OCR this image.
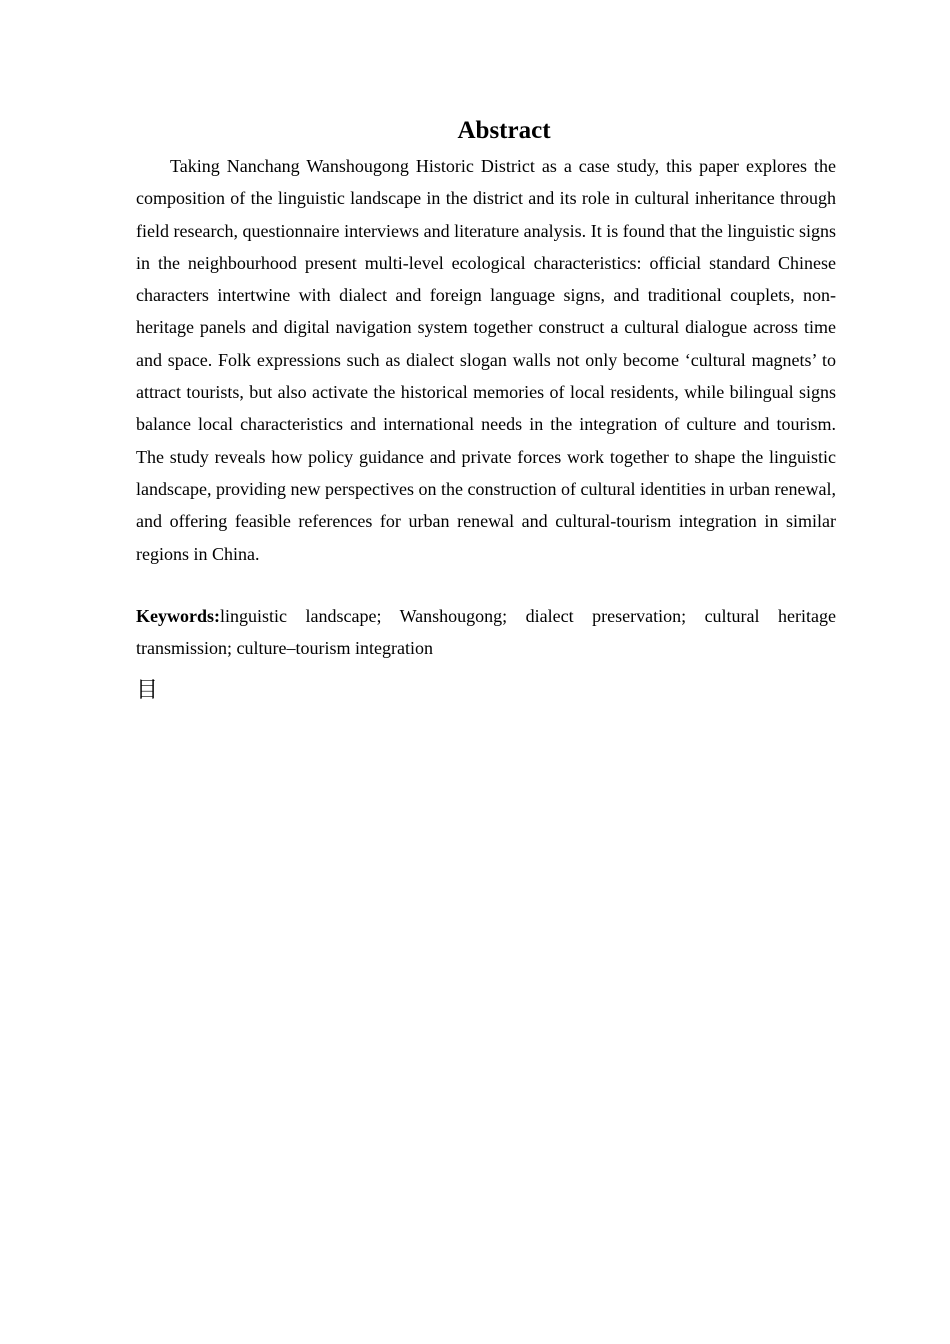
Abstract

Taking Nanchang Wanshougong Historic District as a case study, this paper explores the composition of the linguistic landscape in the district and its role in cultural inheritance through field research, questionnaire interviews and literature analysis. It is found that the linguistic signs in the neighbourhood present multi-level ecological characteristics: official standard Chinese characters intertwine with dialect and foreign language signs, and traditional couplets, non-heritage panels and digital navigation system together construct a cultural dialogue across time and space. Folk expressions such as dialect slogan walls not only become ‘cultural magnets’ to attract tourists, but also activate the historical memories of local residents, while bilingual signs balance local characteristics and international needs in the integration of culture and tourism. The study reveals how policy guidance and private forces work together to shape the linguistic landscape, providing new perspectives on the construction of cultural identities in urban renewal, and offering feasible references for urban renewal and cultural-tourism integration in similar regions in China.

Keywords:linguistic landscape; Wanshougong; dialect preservation; cultural heritage transmission; culture–tourism integration

目
